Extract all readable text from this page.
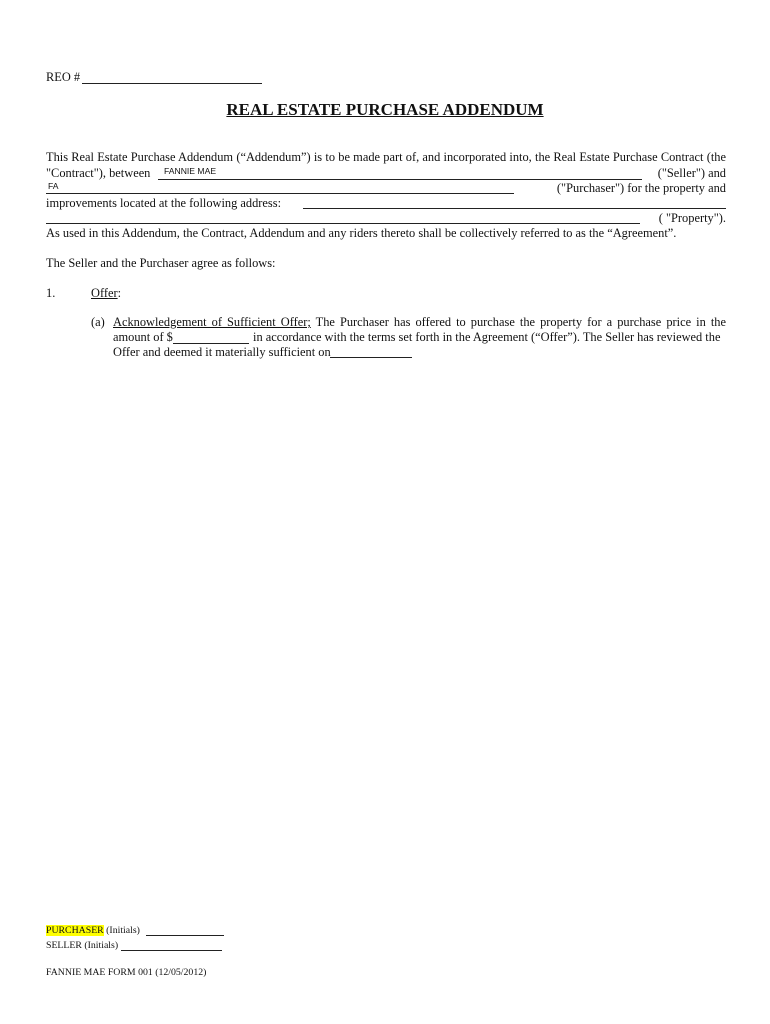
REO #
REAL ESTATE PURCHASE ADDENDUM
This Real Estate Purchase Addendum (“Addendum”) is to be made part of, and incorporated into, the Real Estate Purchase Contract (the
"Contract"), between FANNIE MAE	("Seller") and
FA	("Purchaser") for the property and
improvements located at the following address:
( "Property").
As used in this Addendum, the Contract, Addendum and any riders thereto shall be collectively referred to as the “Agreement”.
The Seller and the Purchaser agree as follows:
1.	Offer:
(a) Acknowledgement of Sufficient Offer; The Purchaser has offered to purchase the property for a purchase price in the
amount of $	in accordance with the terms set forth in the Agreement (“Offer”). The Seller has reviewed the
Offer and deemed it materially sufficient on
PURCHASER (Initials)
SELLER (Initials)
FANNIE MAE FORM 001 (12/05/2012)
